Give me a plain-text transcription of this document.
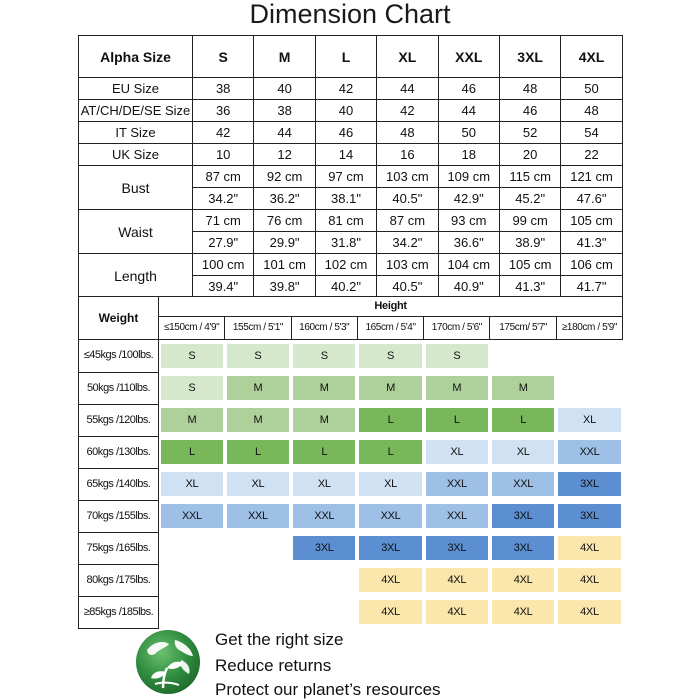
Dimension Chart
Alpha Size	S	M	L	XL	XXL	3XL	4XL
EU Size	38	40	42	44	46	48	50
AT/CH/DE/SE Size	36	38	40	42	44	46	48
IT Size	42	44	46	48	50	52	54
UK Size	10	12	14	16	18	20	22
Bust	87 cm	92 cm	97 cm	103 cm	109 cm	115 cm	121 cm
	34.2"	36.2"	38.1"	40.5"	42.9"	45.2"	47.6"
Waist	71 cm	76 cm	81 cm	87 cm	93 cm	99 cm	105 cm
	27.9"	29.9"	31.8"	34.2"	36.6"	38.9"	41.3"
Length	100 cm	101 cm	102 cm	103 cm	104 cm	105 cm	106 cm
	39.4"	39.8"	40.2"	40.5"	40.9"	41.3"	41.7"
Weight	Height						
	≤150cm / 4'9"	155cm / 5'1"	160cm / 5'3"	165cm / 5'4"	170cm / 5'6"	175cm/ 5'7"	≥180cm / 5'9"
≤45kgs /100lbs.	S	S	S	S	S		

50kgs /110lbs.	S	M	M	M	M	M	

55kgs /120lbs.	M	M	M	L	L	L	XL

60kgs /130lbs.	L	L	L	L	XL	XL	XXL

65kgs /140lbs.	XL	XL	XL	XL	XXL	XXL	3XL

70kgs /155lbs.	XXL	XXL	XXL	XXL	XXL	3XL	3XL

75kgs /165lbs.			3XL	3XL	3XL	3XL	4XL

80kgs /175lbs.				4XL	4XL	4XL	4XL

≥85kgs /185lbs.				4XL	4XL	4XL	4XL
Get the right size
Reduce returns
Protect our planet’s resources
